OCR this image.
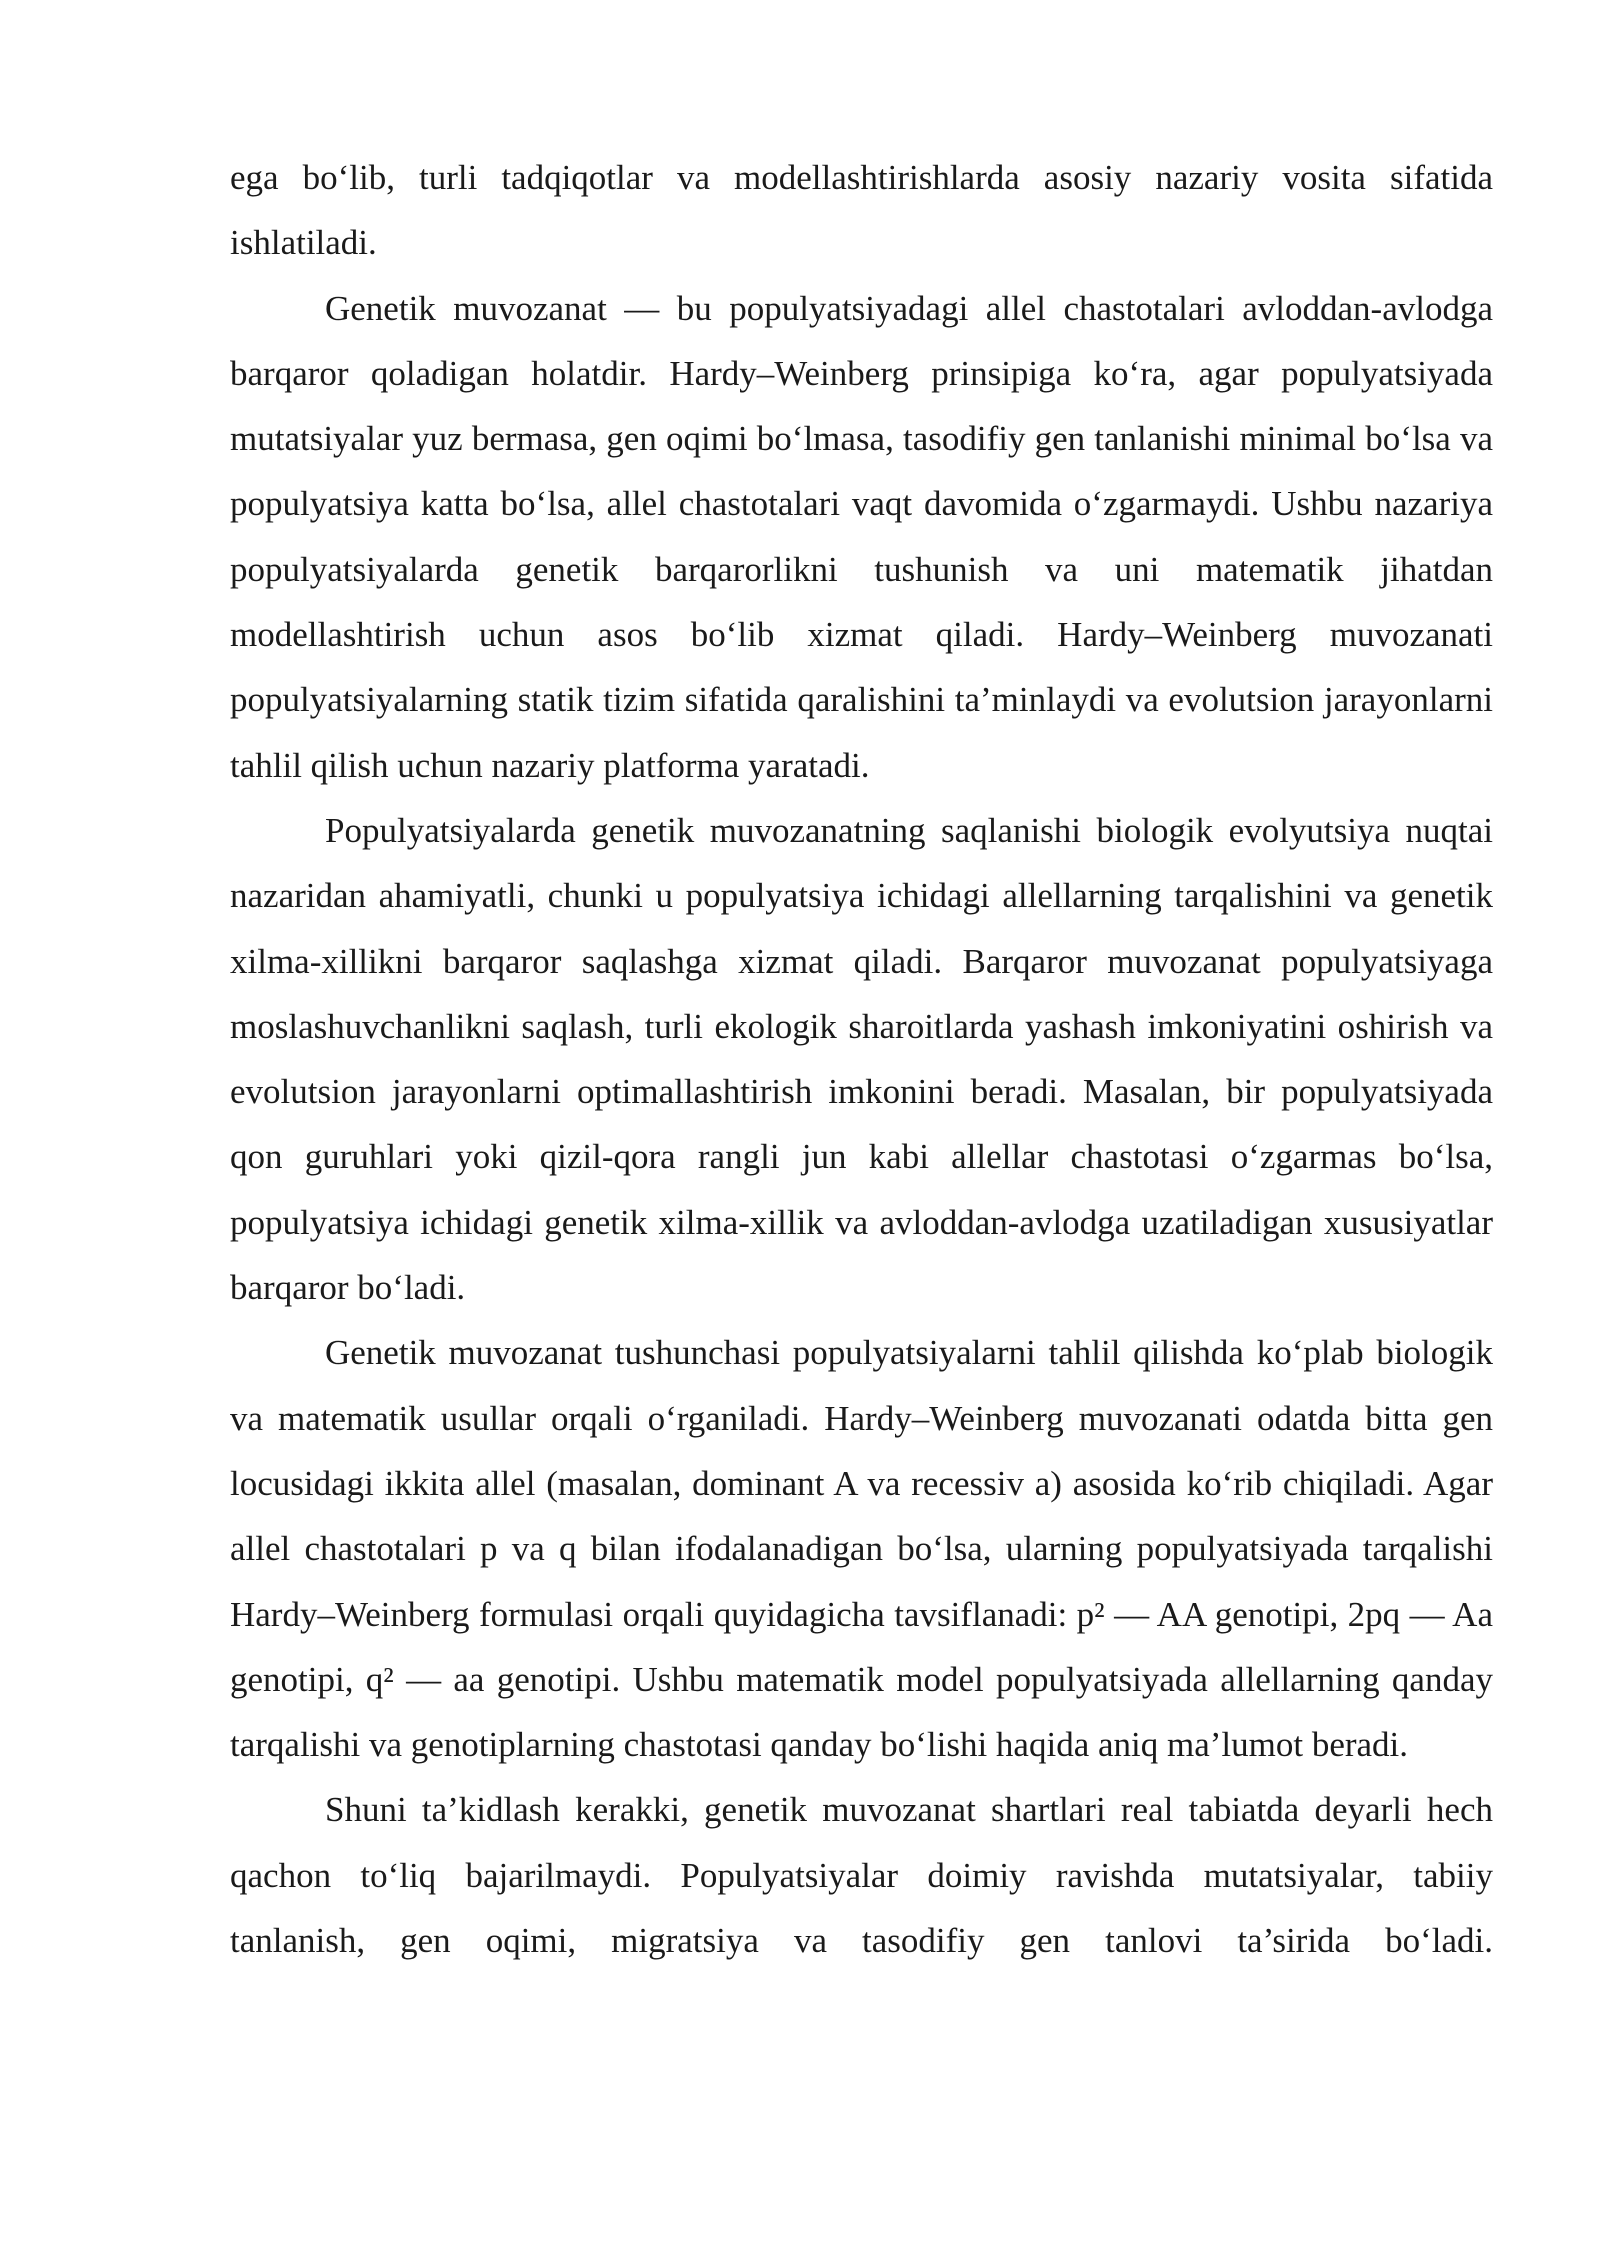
ega bo‘lib, turli tadqiqotlar va modellashtirishlarda asosiy nazariy vosita sifatida ishlatiladi.

Genetik muvozanat — bu populyatsiyadagi allel chastotalari avloddan-avlodga barqaror qoladigan holatdir. Hardy–Weinberg prinsipiga ko‘ra, agar populyatsiyada mutatsiyalar yuz bermasa, gen oqimi bo‘lmasa, tasodifiy gen tanlanishi minimal bo‘lsa va populyatsiya katta bo‘lsa, allel chastotalari vaqt davomida o‘zgarmaydi. Ushbu nazariya populyatsiyalarda genetik barqarorlikni tushunish va uni matematik jihatdan modellashtirish uchun asos bo‘lib xizmat qiladi. Hardy–Weinberg muvozanati populyatsiyalarning statik tizim sifatida qaralishini ta’minlaydi va evolutsion jarayonlarni tahlil qilish uchun nazariy platforma yaratadi.

Populyatsiyalarda genetik muvozanatning saqlanishi biologik evolyutsiya nuqtai nazaridan ahamiyatli, chunki u populyatsiya ichidagi allellarning tarqalishini va genetik xilma-xillikni barqaror saqlashga xizmat qiladi. Barqaror muvozanat populyatsiyaga moslashuvchanlikni saqlash, turli ekologik sharoitlarda yashash imkoniyatini oshirish va evolutsion jarayonlarni optimallashtirish imkonini beradi. Masalan, bir populyatsiyada qon guruhlari yoki qizil-qora rangli jun kabi allellar chastotasi o‘zgarmas bo‘lsa, populyatsiya ichidagi genetik xilma-xillik va avloddan-avlodga uzatiladigan xususiyatlar barqaror bo‘ladi.

Genetik muvozanat tushunchasi populyatsiyalarni tahlil qilishda ko‘plab biologik va matematik usullar orqali o‘rganiladi. Hardy–Weinberg muvozanati odatda bitta gen locusidagi ikkita allel (masalan, dominant A va recessiv a) asosida ko‘rib chiqiladi. Agar allel chastotalari p va q bilan ifodalanadigan bo‘lsa, ularning populyatsiyada tarqalishi Hardy–Weinberg formulasi orqali quyidagicha tavsiflanadi: p² — AA genotipi, 2pq — Aa genotipi, q² — aa genotipi. Ushbu matematik model populyatsiyada allellarning qanday tarqalishi va genotiplarning chastotasi qanday bo‘lishi haqida aniq ma’lumot beradi.

Shuni ta’kidlash kerakki, genetik muvozanat shartlari real tabiatda deyarli hech qachon to‘liq bajarilmaydi. Populyatsiyalar doimiy ravishda mutatsiyalar, tabiiy tanlanish, gen oqimi, migratsiya va tasodifiy gen tanlovi ta’sirida bo‘ladi.
